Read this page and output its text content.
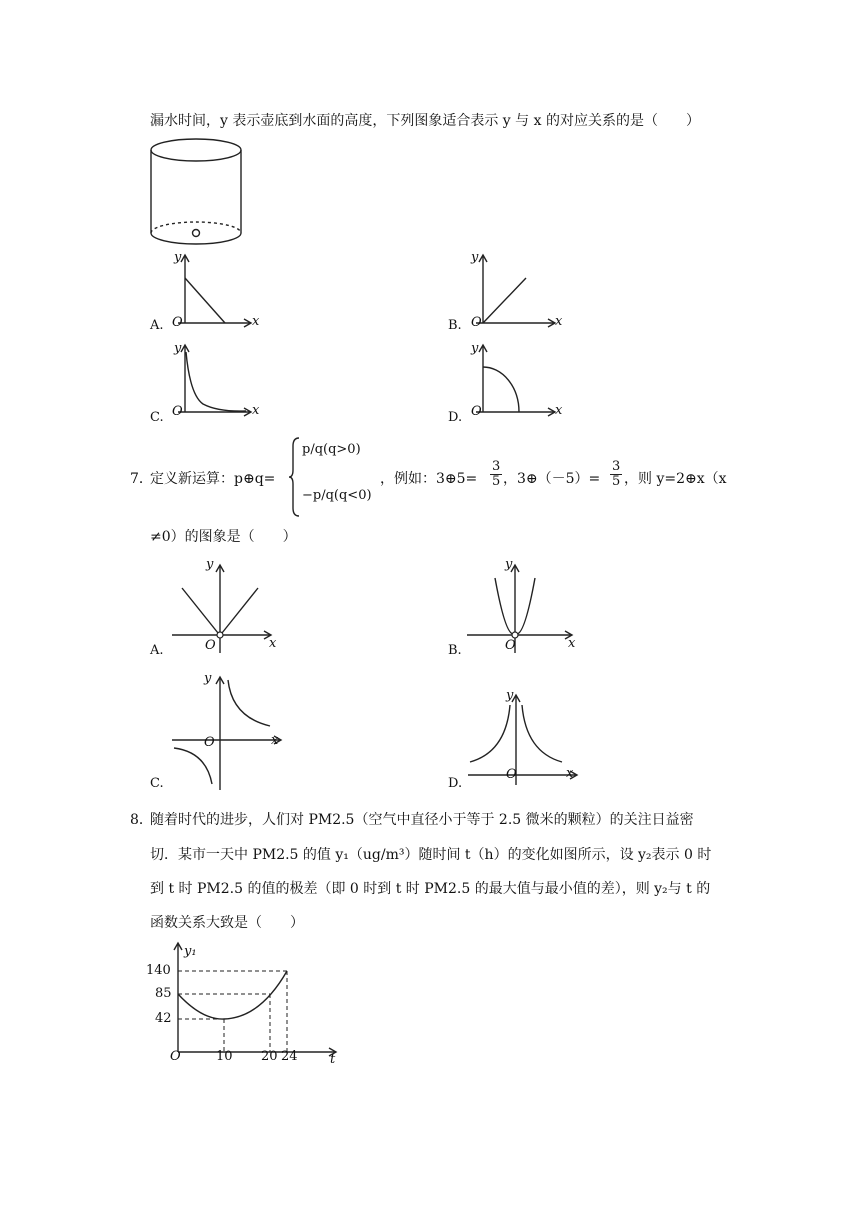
漏水时间，y 表示壶底到水面的高度，下列图象适合表示 y 与 x 的对应关系的是（　　）
A.
y
O	x	B.
y
O	x
C.
y
O	x	D.
y
O	x
7．
定义新运算：p⊕q=
p/q(q>0)
−p/q(q<0)
，例如：3⊕5= $\frac{3}{5}$ ，3⊕（－5）= $\frac{3}{5}$ ，则 y=2⊕x（x
≠0）的图象是（　　）
A.
y
O	x	B.
y
O	x
C.
y
O	x
D.
y
O	x
8．
随着时代的进步，人们对 PM2.5（空气中直径小于等于 2.5 微米的颗粒）的关注日益密
切．某市一天中 PM2.5 的值 y₁（ug/m³）随时间 t（h）的变化如图所示，设 y₂表示 0 时
到 t 时 PM2.5 的值的极差（即 0 时到 t 时 PM2.5 的最大值与最小值的差），则 y₂与 t 的
函数关系大致是（　　）
140
85
42
10 20 24
O	t
y₁
